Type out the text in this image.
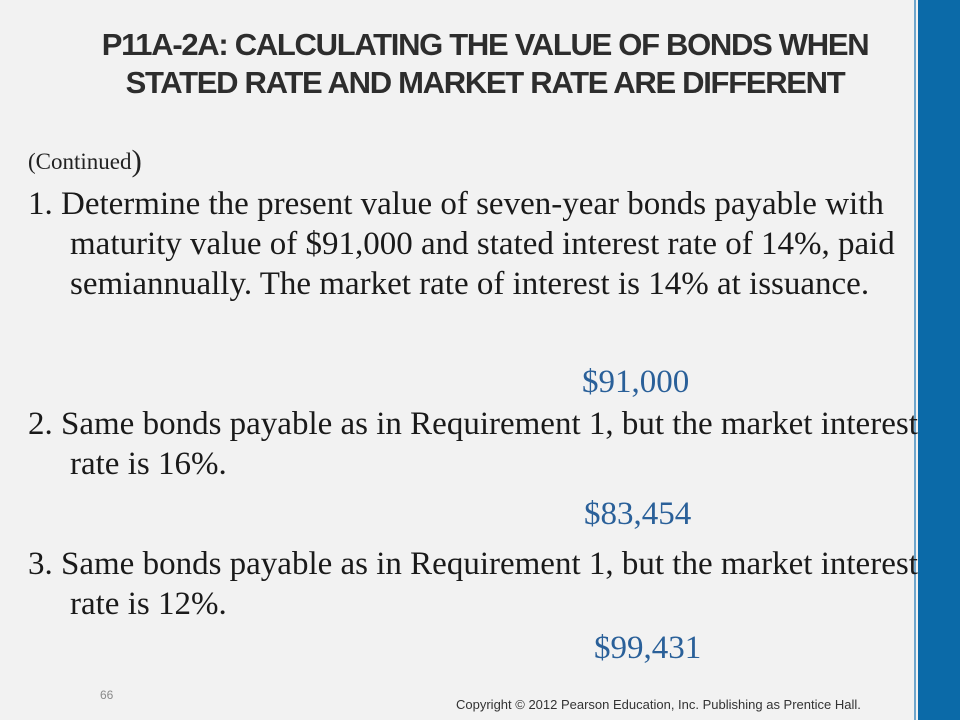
P11A-2A: CALCULATING THE VALUE OF BONDS WHEN
STATED RATE AND MARKET RATE ARE DIFFERENT
(Continued)
1. Determine the present value of seven-year bonds payable with maturity value of $91,000 and stated interest rate of 14%, paid semiannually. The market rate of interest is 14% at issuance.
$91,000
2. Same bonds payable as in Requirement 1, but the market interest rate is 16%.
$83,454
3. Same bonds payable as in Requirement 1, but the market interest rate is 12%.
$99,431
66
Copyright © 2012 Pearson Education, Inc. Publishing as Prentice Hall.
